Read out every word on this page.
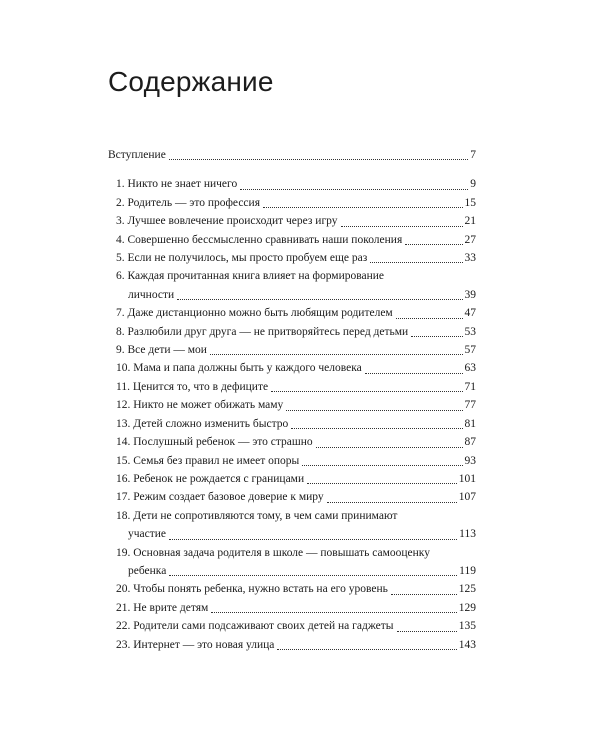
Содержание
Вступление	7
1. Никто не знает ничего	9
2. Родитель — это профессия	15
3. Лучшее вовлечение происходит через игру	21
4. Совершенно бессмысленно сравнивать наши поколения	27
5. Если не получилось, мы просто пробуем еще раз	33
6. Каждая прочитанная книга влияет на формирование
личности	39
7. Даже дистанционно можно быть любящим родителем	47
8. Разлюбили друг друга — не притворяйтесь перед детьми	53
9. Все дети — мои	57
10. Мама и папа должны быть у каждого человека	63
11. Ценится то, что в дефиците	71
12. Никто не может обижать маму	77
13. Детей сложно изменить быстро	81
14. Послушный ребенок — это страшно	87
15. Семья без правил не имеет опоры	93
16. Ребенок не рождается с границами	101
17. Режим создает базовое доверие к миру	107
18. Дети не сопротивляются тому, в чем сами принимают
участие	113
19. Основная задача родителя в школе — повышать самооценку
ребенка	119
20. Чтобы понять ребенка, нужно встать на его уровень	125
21. Не врите детям	129
22. Родители сами подсаживают своих детей на гаджеты	135
23. Интернет — это новая улица	143
